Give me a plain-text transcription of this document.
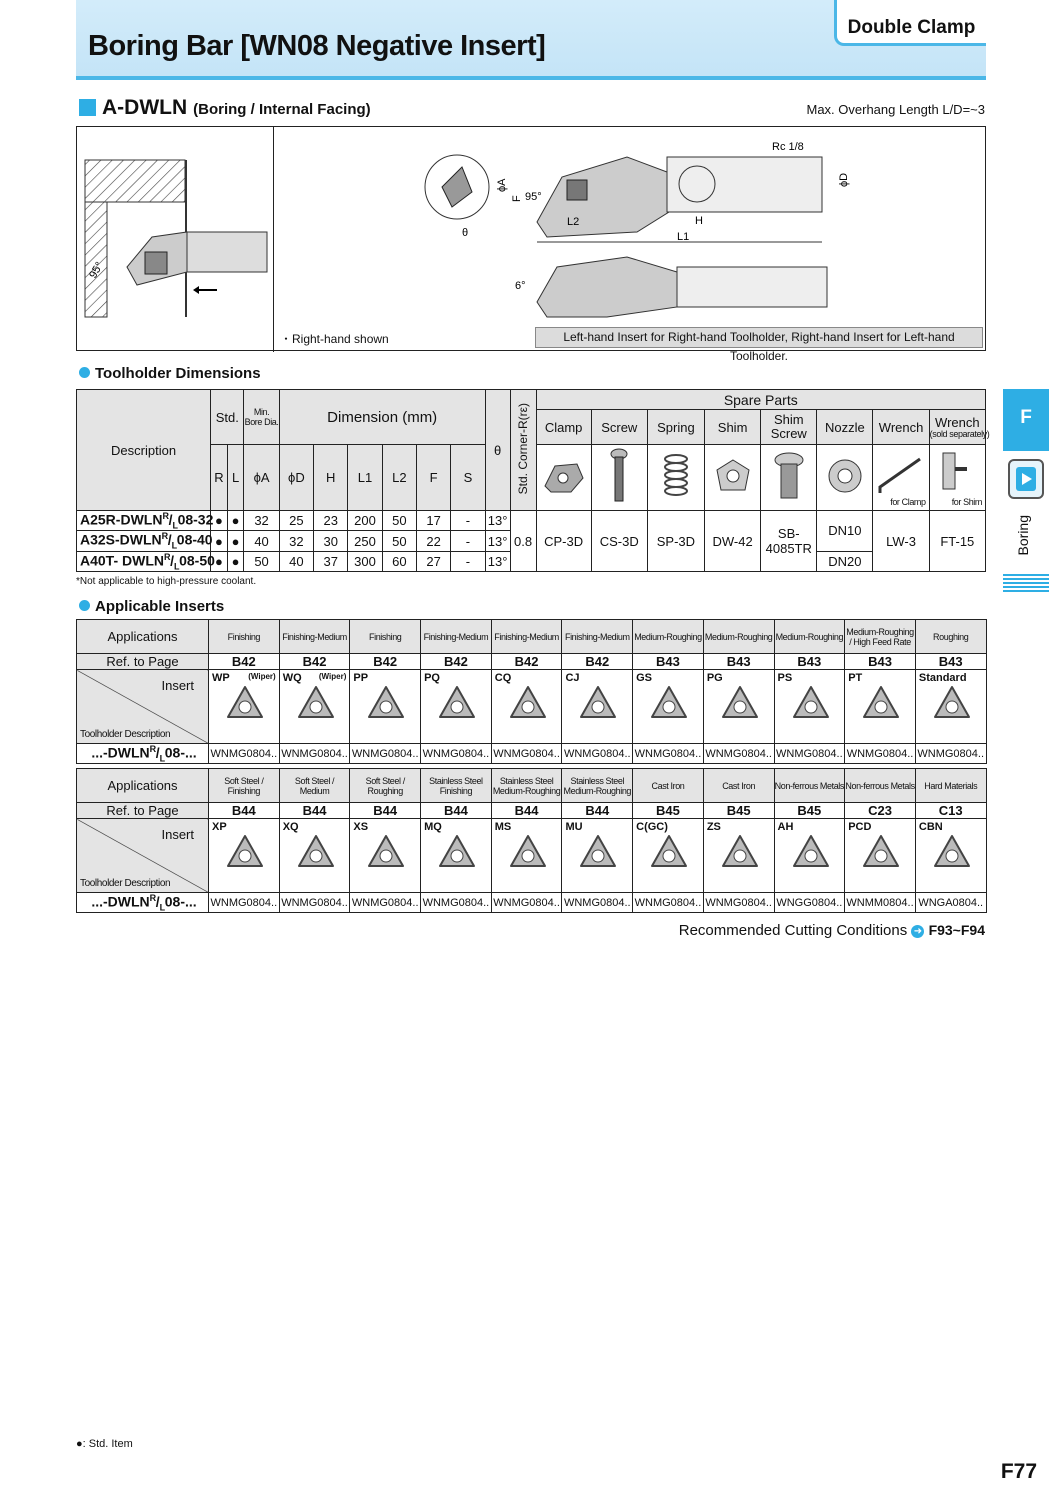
Boring Bar [WN08 Negative Insert]
Double Clamp
A-DWLN (Boring / Internal Facing)	Max. Overhang Length L/D=~3
95°
Rc 1/8
ϕA
F
ϕD
95°
θ
L2	H
L1
6°
・Right-hand shown	Left-hand Insert for Right-hand Toolholder, Right-hand Insert for Left-hand Toolholder.
Toolholder Dimensions
Description	Std.		Min. Bore Dia.	Dimension (mm)						θ	Std. Corner-R(rε)	Spare Parts							
												Clamp	Screw	Spring	Shim	Shim Screw	Nozzle	Wrench	Wrench
(sold separately)

	R	L	ϕA	ϕD	H	L1	L2	F	S									for Clamp	for Shim

$A25R-DWLN^R/_L08-32$	●	●	32	25	23	200	50	17	-	13°	0.8	CP-3D	CS-3D	SP-3D	DW-42	SB-4085TR	DN10	LW-3	FT-15
$A32S-DWLN^R/_L08-40$	●	●	40	32	30	250	50	22	-	13°									
A40T- $DWLN^R/_L08-50$	●	●	50	40	37	300	60	27	-	13°							DN20		
*Not applicable to high-pressure coolant.
Applicable Inserts
Applications	Finishing	Finishing-Medium	Finishing	Finishing-Medium	Finishing-Medium	Finishing-Medium	Medium-Roughing	Medium-Roughing	Medium-Roughing	Medium-Roughing / High Feed Rate	Roughing
Ref. to Page	B42	B42	B42	B42	B42	B42	B43	B43	B43	B43	B43

Insert
Toolholder Description	WP (Wiper)	WQ (Wiper)	PP	PQ	CQ	CJ	GS	PG	PS	PT	Standard

$...-DWLN^R/_L08-$...	WNMG0804..	WNMG0804..	WNMG0804..	WNMG0804..	WNMG0804..	WNMG0804..	WNMG0804..	WNMG0804..	WNMG0804..	WNMG0804..	WNMG0804..
Applications	Soft Steel / Finishing	Soft Steel / Medium	Soft Steel / Roughing	Stainless Steel Finishing	Stainless Steel Medium-Roughing	Stainless Steel Medium-Roughing	Cast Iron	Cast Iron	Non-ferrous Metals	Non-ferrous Metals	Hard Materials
Ref. to Page	B44	B44	B44	B44	B44	B44	B45	B45	B45	C23	C13

Insert
Toolholder Description	XP	XQ	XS	MQ	MS	MU	C(GC)	ZS	AH	PCD	CBN

$...-DWLN^R/_L08-$...	WNMG0804..	WNMG0804..	WNMG0804..	WNMG0804..	WNMG0804..	WNMG0804..	WNMG0804..	WNMG0804..	WNGG0804..	WNMM0804..	WNGA0804..
Recommended Cutting Conditions ➜ F93~F94
F
Boring
●: Std. Item
F77
